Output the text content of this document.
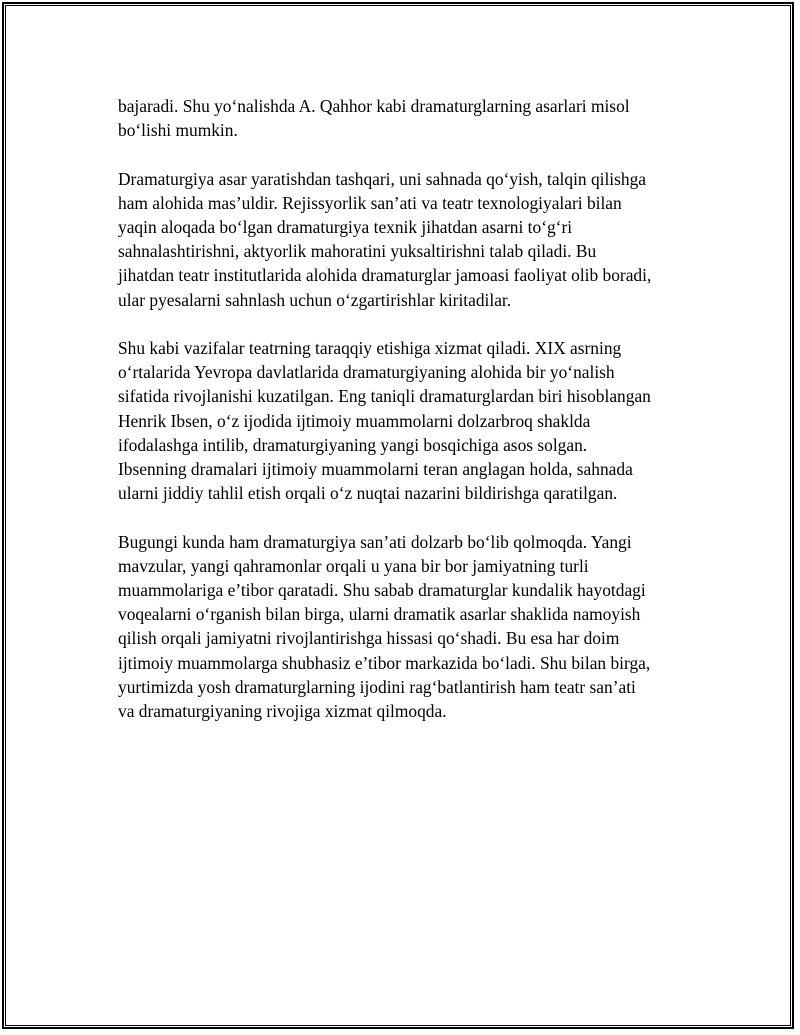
bajaradi. Shu yo‘nalishda A. Qahhor kabi dramaturglarning asarlari misol
bo‘lishi mumkin.

Dramaturgiya asar yaratishdan tashqari, uni sahnada qo‘yish, talqin qilishga
ham alohida mas’uldir. Rejissyorlik san’ati va teatr texnologiyalari bilan
yaqin aloqada bo‘lgan dramaturgiya texnik jihatdan asarni to‘g‘ri
sahnalashtirishni, aktyorlik mahoratini yuksaltirishni talab qiladi. Bu
jihatdan teatr institutlarida alohida dramaturglar jamoasi faoliyat olib boradi,
ular pyesalarni sahnlash uchun o‘zgartirishlar kiritadilar.

Shu kabi vazifalar teatrning taraqqiy etishiga xizmat qiladi. XIX asrning
o‘rtalarida Yevropa davlatlarida dramaturgiyaning alohida bir yo‘nalish
sifatida rivojlanishi kuzatilgan. Eng taniqli dramaturglardan biri hisoblangan
Henrik Ibsen, o‘z ijodida ijtimoiy muammolarni dolzarbroq shaklda
ifodalashga intilib, dramaturgiyaning yangi bosqichiga asos solgan.
Ibsenning dramalari ijtimoiy muammolarni teran anglagan holda, sahnada
ularni jiddiy tahlil etish orqali o‘z nuqtai nazarini bildirishga qaratilgan.

Bugungi kunda ham dramaturgiya san’ati dolzarb bo‘lib qolmoqda. Yangi
mavzular, yangi qahramonlar orqali u yana bir bor jamiyatning turli
muammolariga e’tibor qaratadi. Shu sabab dramaturglar kundalik hayotdagi
voqealarni o‘rganish bilan birga, ularni dramatik asarlar shaklida namoyish
qilish orqali jamiyatni rivojlantirishga hissasi qo‘shadi. Bu esa har doim
ijtimoiy muammolarga shubhasiz e’tibor markazida bo‘ladi. Shu bilan birga,
yurtimizda yosh dramaturglarning ijodini rag‘batlantirish ham teatr san’ati
va dramaturgiyaning rivojiga xizmat qilmoqda.
